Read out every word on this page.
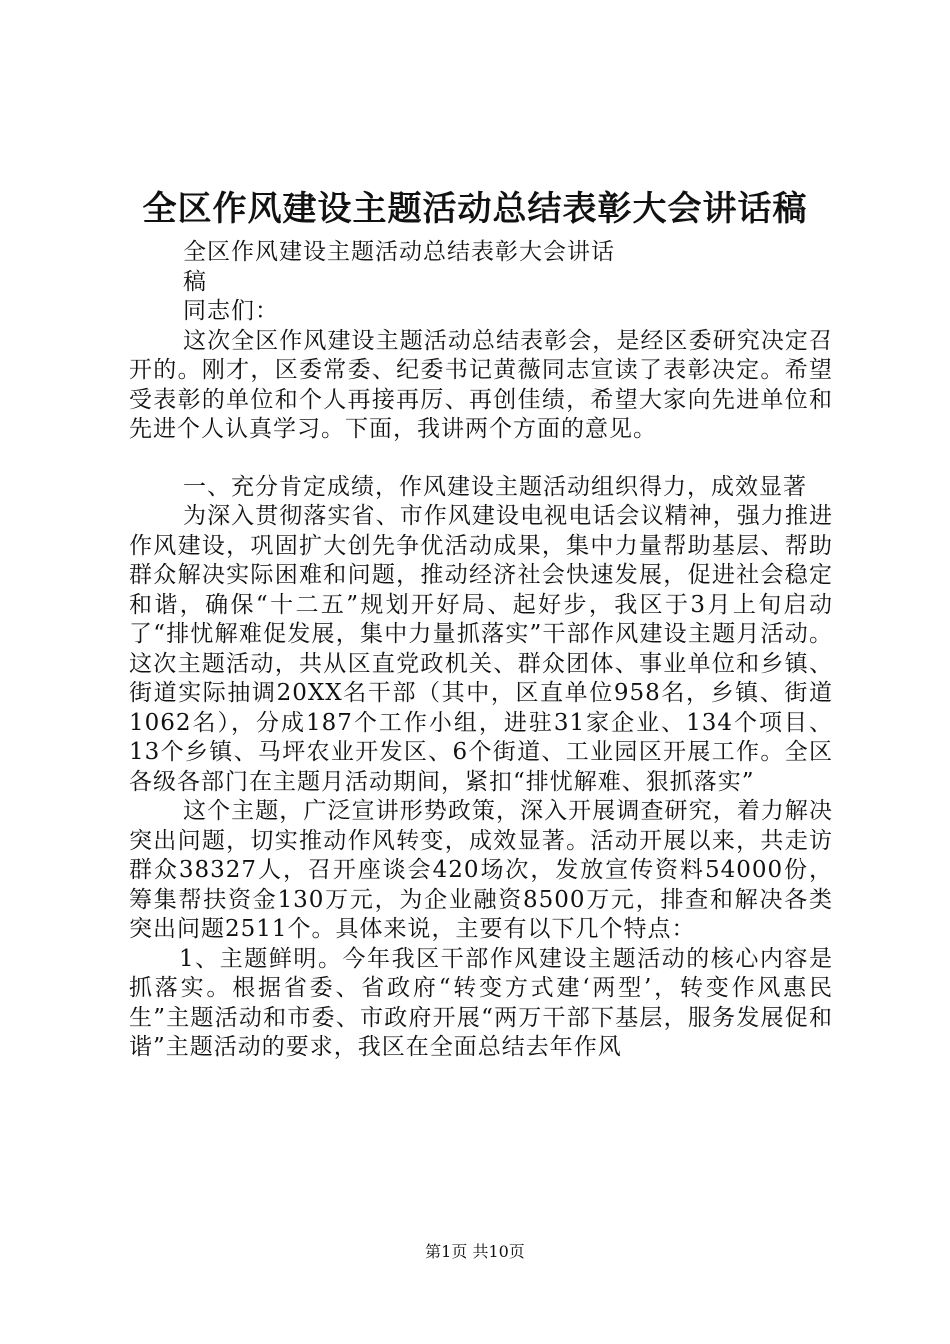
全区作风建设主题活动总结表彰大会讲话稿

全区作风建设主题活动总结表彰大会讲话
稿

同志们：

这次全区作风建设主题活动总结表彰会，是经区委研究决定召开的。刚才，区委常委、纪委书记黄薇同志宣读了表彰决定。希望受表彰的单位和个人再接再厉、再创佳绩，希望大家向先进单位和先进个人认真学习。下面，我讲两个方面的意见。

一、充分肯定成绩，作风建设主题活动组织得力，成效显著

为深入贯彻落实省、市作风建设电视电话会议精神，强力推进作风建设，巩固扩大创先争优活动成果，集中力量帮助基层、帮助群众解决实际困难和问题，推动经济社会快速发展，促进社会稳定和谐，确保“十二五”规划开好局、起好步，我区于3月上旬启动了“排忧解难促发展，集中力量抓落实”干部作风建设主题月活动。这次主题活动，共从区直党政机关、群众团体、事业单位和乡镇、街道实际抽调20XX名干部（其中，区直单位958名，乡镇、街道1062名），分成187个工作小组，进驻31家企业、134个项目、13个乡镇、马坪农业开发区、6个街道、工业园区开展工作。全区各级各部门在主题月活动期间，紧扣“排忧解难、狠抓落实”

这个主题，广泛宣讲形势政策，深入开展调查研究，着力解决突出问题，切实推动作风转变，成效显著。活动开展以来，共走访群众38327人，召开座谈会420场次，发放宣传资料54000份，筹集帮扶资金130万元，为企业融资8500万元，排查和解决各类突出问题2511个。具体来说，主要有以下几个特点：

1、主题鲜明。今年我区干部作风建设主题活动的核心内容是抓落实。根据省委、省政府“转变方式建‘两型’，转变作风惠民生”主题活动和市委、市政府开展“两万干部下基层，服务发展促和谐”主题活动的要求，我区在全面总结去年作风

第1页 共10页
